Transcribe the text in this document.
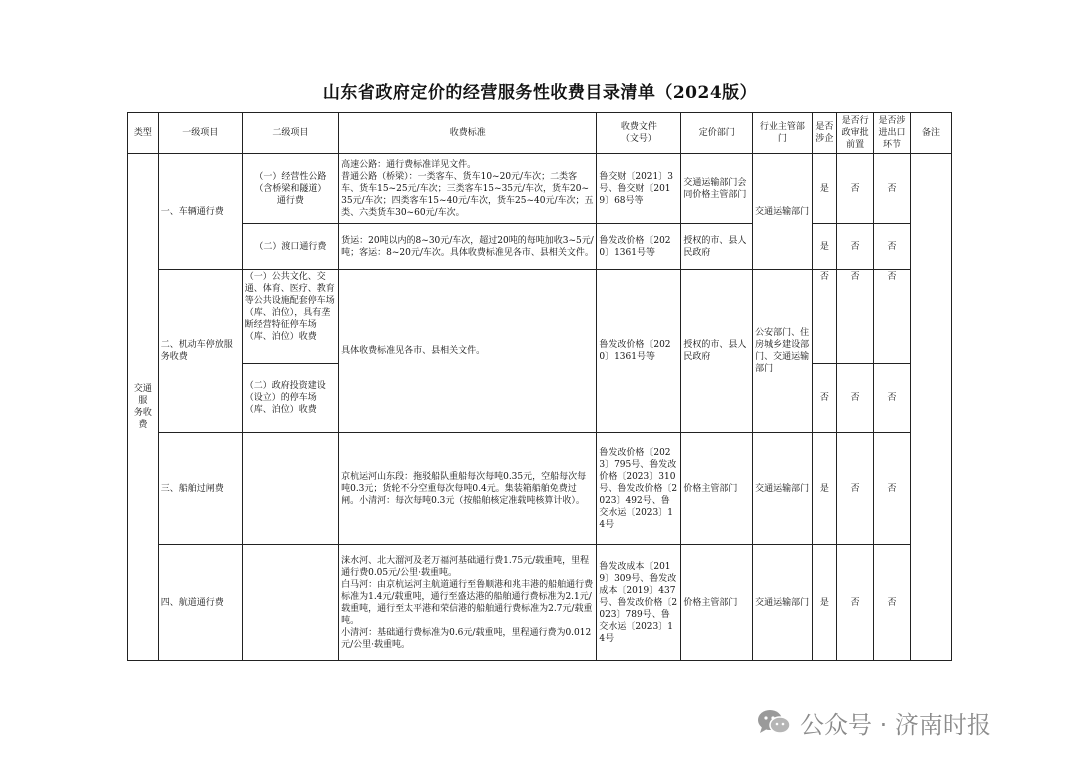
山东省政府定价的经营服务性收费目录清单（2024版）
类型	一级项目	二级项目	收费标准	收费文件
（文号）	定价部门	行业主管部
门	是否
涉企	是否行
政审批
前置	是否涉
进出口
环节	备注
交通服
务收费	一、车辆通行费	（一）经营性公路
（含桥梁和隧道）
通行费	高速公路：通行费标准详见文件。
普通公路（桥梁）：一类客车、货车10~20元/车次；二类客车、货车15~25元/车次；三类客车15~35元/车次，货车20~35元/车次；四类客车15~40元/车次，货车25~40元/车次；五类、六类货车30~60元/车次。	鲁交财〔2021〕3号、鲁交财〔2019〕68号等	交通运输部门会同价格主管部门	交通运输部门	是	否	否	
		（二）渡口通行费	货运：20吨以内的8~30元/车次，超过20吨的每吨加收3~5元/吨；客运：8~20元/车次。具体收费标准见各市、县相关文件。	鲁发改价格〔2020〕1361号等	授权的市、县人民政府		是	否	否	
	二、机动车停放服务收费	（一）公共文化、交通、体育、医疗、教育等公共设施配套停车场（库、泊位），具有垄断经营特征停车场（库、泊位）收费	具体收费标准见各市、县相关文件。	鲁发改价格〔2020〕1361号等	授权的市、县人民政府	公安部门、住房城乡建设部门、交通运输部门	否	否	否	
		（二）政府投资建设（设立）的停车场（库、泊位）收费					否	否	否	
	三、船舶过闸费		京杭运河山东段：拖驳船队重船每次每吨0.35元，空船每次每吨0.3元；货轮不分空重每次每吨0.4元。集装箱船舶免费过闸。小清河：每次每吨0.3元（按船舶核定准载吨核算计收）。	鲁发改价格〔2023〕795号、鲁发改价格〔2023〕310号、鲁发改价格〔2023〕492号、鲁交水运〔2023〕14号	价格主管部门	交通运输部门	是	否	否	
	四、航道通行费		涞水河、北大溜河及老万福河基础通行费1.75元/载重吨，里程通行费0.05元/公里·载重吨。
白马河：由京杭运河主航道通行至鲁顺港和兆丰港的船舶通行费标准为1.4元/载重吨，通行至盛达港的船舶通行费标准为2.1元/载重吨，通行至太平港和荣信港的船舶通行费标准为2.7元/载重吨。
小清河：基础通行费标准为0.6元/载重吨，里程通行费为0.012元/公里·载重吨。	鲁发改成本〔2019〕309号、鲁发改成本〔2019〕437号、鲁发改价格〔2023〕789号、鲁交水运〔2023〕14号	价格主管部门	交通运输部门	是	否	否	
公众号 · 济南时报
